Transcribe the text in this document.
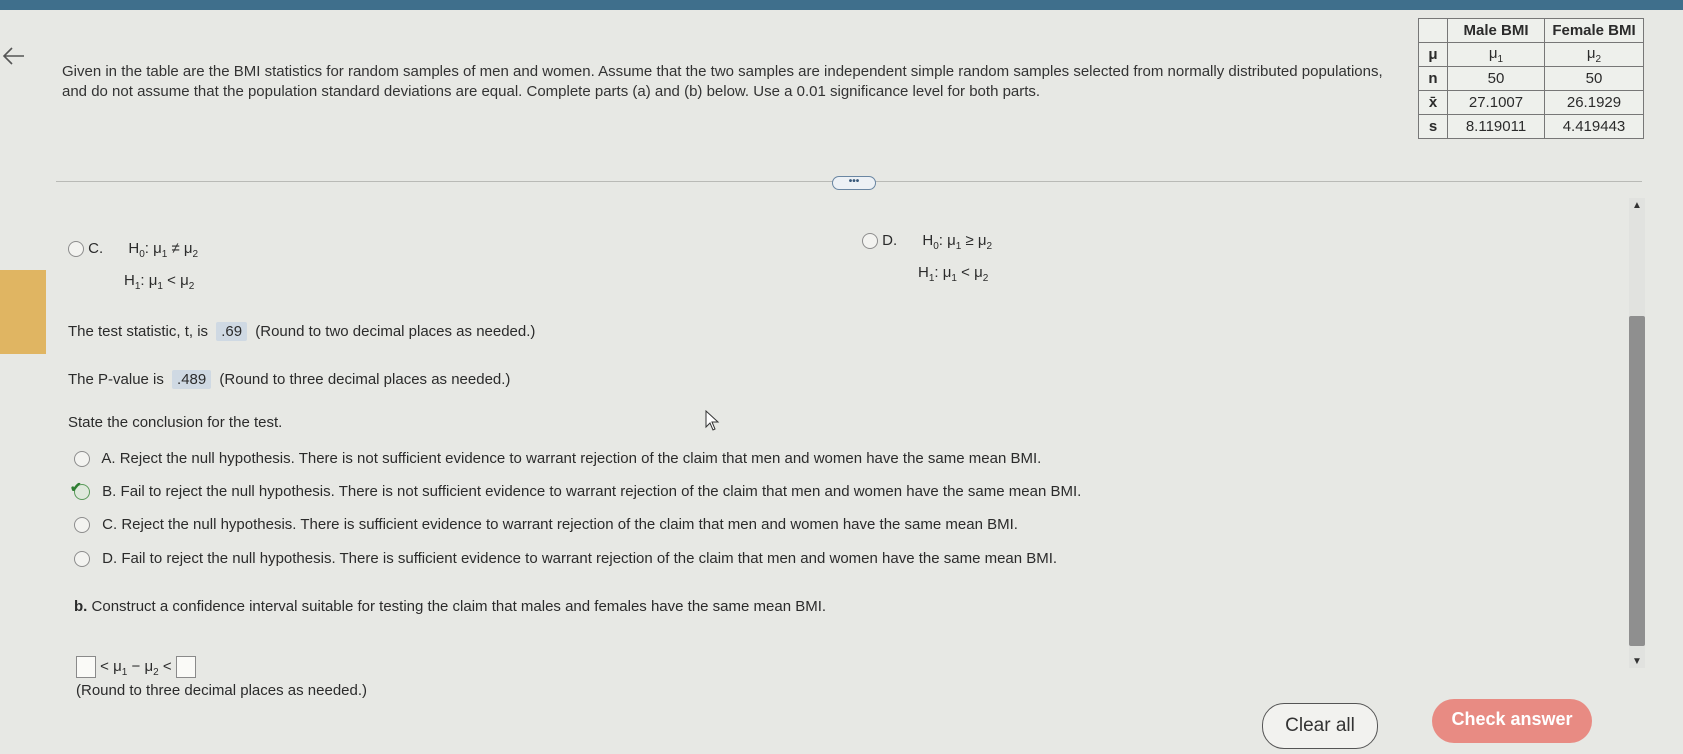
Given in the table are the BMI statistics for random samples of men and women. Assume that the two samples are independent simple random samples selected from normally distributed populations, and do not assume that the population standard deviations are equal. Complete parts (a) and (b) below. Use a 0.01 significance level for both parts.
	Male BMI	Female BMI
μ	$\mu_1$	$\mu_2$
n	50	50
x̄	27.1007	26.1929
s	8.119011	4.419443
•••
C. $H_0$: $\mu_1 \ne \mu_2$
$H_1$: $\mu_1 < \mu_2$
D. $H_0$: $\mu_1 \ge \mu_2$
$H_1$: $\mu_1 < \mu_2$
The test statistic, t, is .69 (Round to two decimal places as needed.)
The P-value is .489 (Round to three decimal places as needed.)
State the conclusion for the test.
A. Reject the null hypothesis. There is not sufficient evidence to warrant rejection of the claim that men and women have the same mean BMI.
✔ B. Fail to reject the null hypothesis. There is not sufficient evidence to warrant rejection of the claim that men and women have the same mean BMI.
C. Reject the null hypothesis. There is sufficient evidence to warrant rejection of the claim that men and women have the same mean BMI.
D. Fail to reject the null hypothesis. There is sufficient evidence to warrant rejection of the claim that men and women have the same mean BMI.
b. Construct a confidence interval suitable for testing the claim that males and females have the same mean BMI.
< $\mu_1 - \mu_2$ <
(Round to three decimal places as needed.)
▲
▼
Clear all	Check answer
